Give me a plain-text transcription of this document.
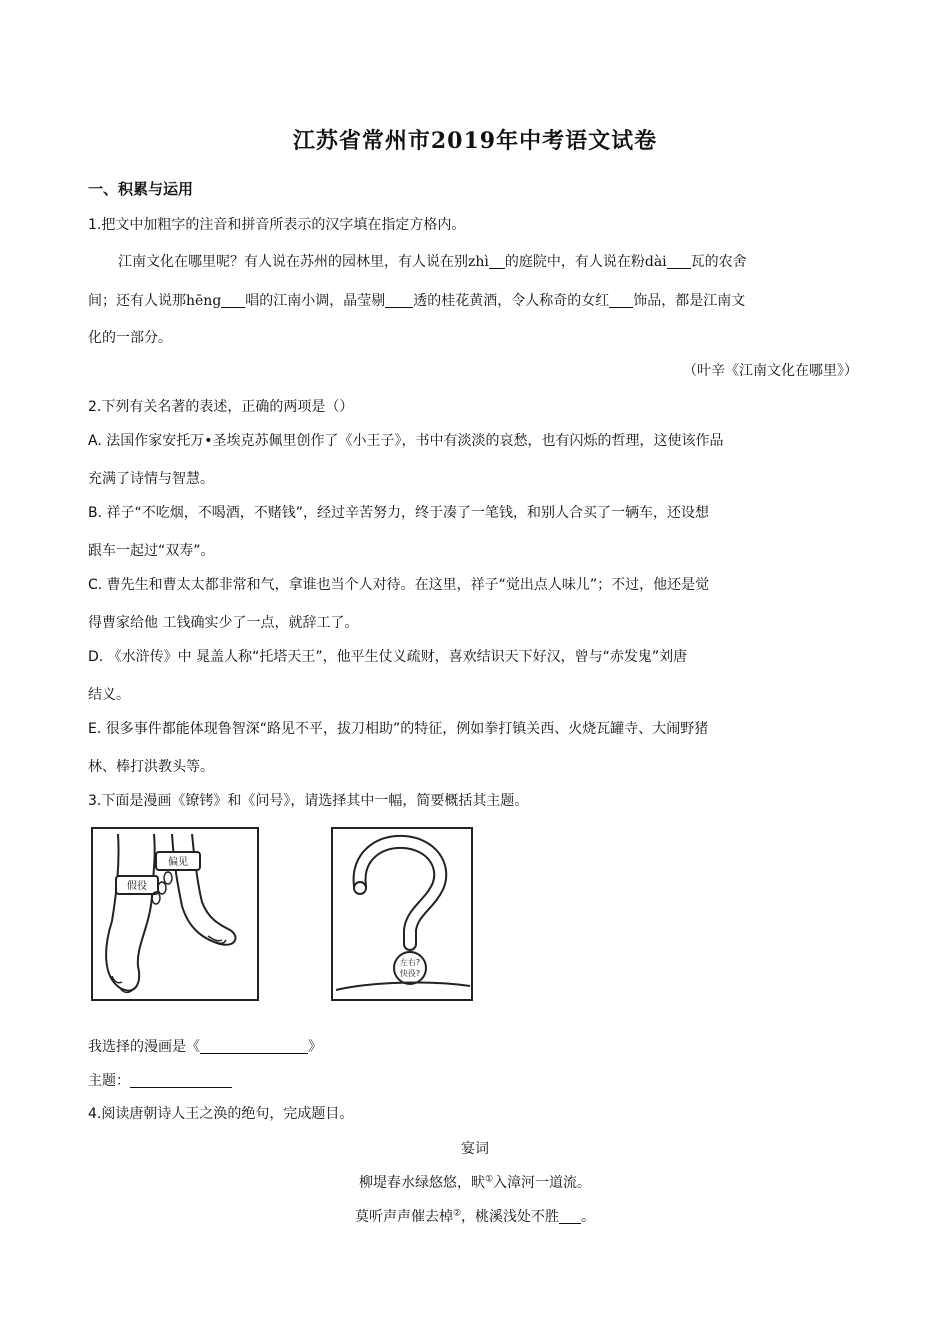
江苏省常州市2019年中考语文试卷
一、积累与运用
1.把文中加粗字的注音和拼音所表示的汉字填在指定方格内。
江南文化在哪里呢？有人说在苏州的园林里，有人说在别zhì 的庭院中，有人说在粉dài 瓦的农舍
间；还有人说那hēng 唱的江南小调，晶莹剔 透的桂花黄酒，令人称奇的女红 饰品，都是江南文
化的一部分。
（叶辛《江南文化在哪里》）
2.下列有关名著的表述，正确的两项是（）
A. 法国作家安托万•圣埃克苏佩里创作了《小王子》，书中有淡淡的哀愁，也有闪烁的哲理，这使该作品
充满了诗情与智慧。
B. 祥子“不吃烟，不喝酒，不赌钱”，经过辛苦努力，终于凑了一笔钱，和别人合买了一辆车，还设想
跟车一起过“双寿”。
C. 曹先生和曹太太都非常和气，拿谁也当个人对待。在这里，祥子“觉出点人味儿”；不过，他还是觉
得曹家给他 工钱确实少了一点，就辞工了。
D. 《水浒传》中 晁盖人称“托塔天王”，他平生仗义疏财，喜欢结识天下好汉，曾与“赤发鬼”刘唐
结义。
E. 很多事件都能体现鲁智深“路见不平，拔刀相助”的特征，例如拳打镇关西、火烧瓦罐寺、大闹野猪
林、棒打洪教头等。
3.下面是漫画《镣铐》和《问号》，请选择其中一幅，简要概括其主题。
假役
偏见
左右?
快役?
我选择的漫画是《	》
主题：
4.阅读唐朝诗人王之涣的绝句，完成题目。
宴词
柳堤春水绿悠悠，畎①入漳河一道流。
莫听声声催去棹②，桃溪浅处不胜 。
